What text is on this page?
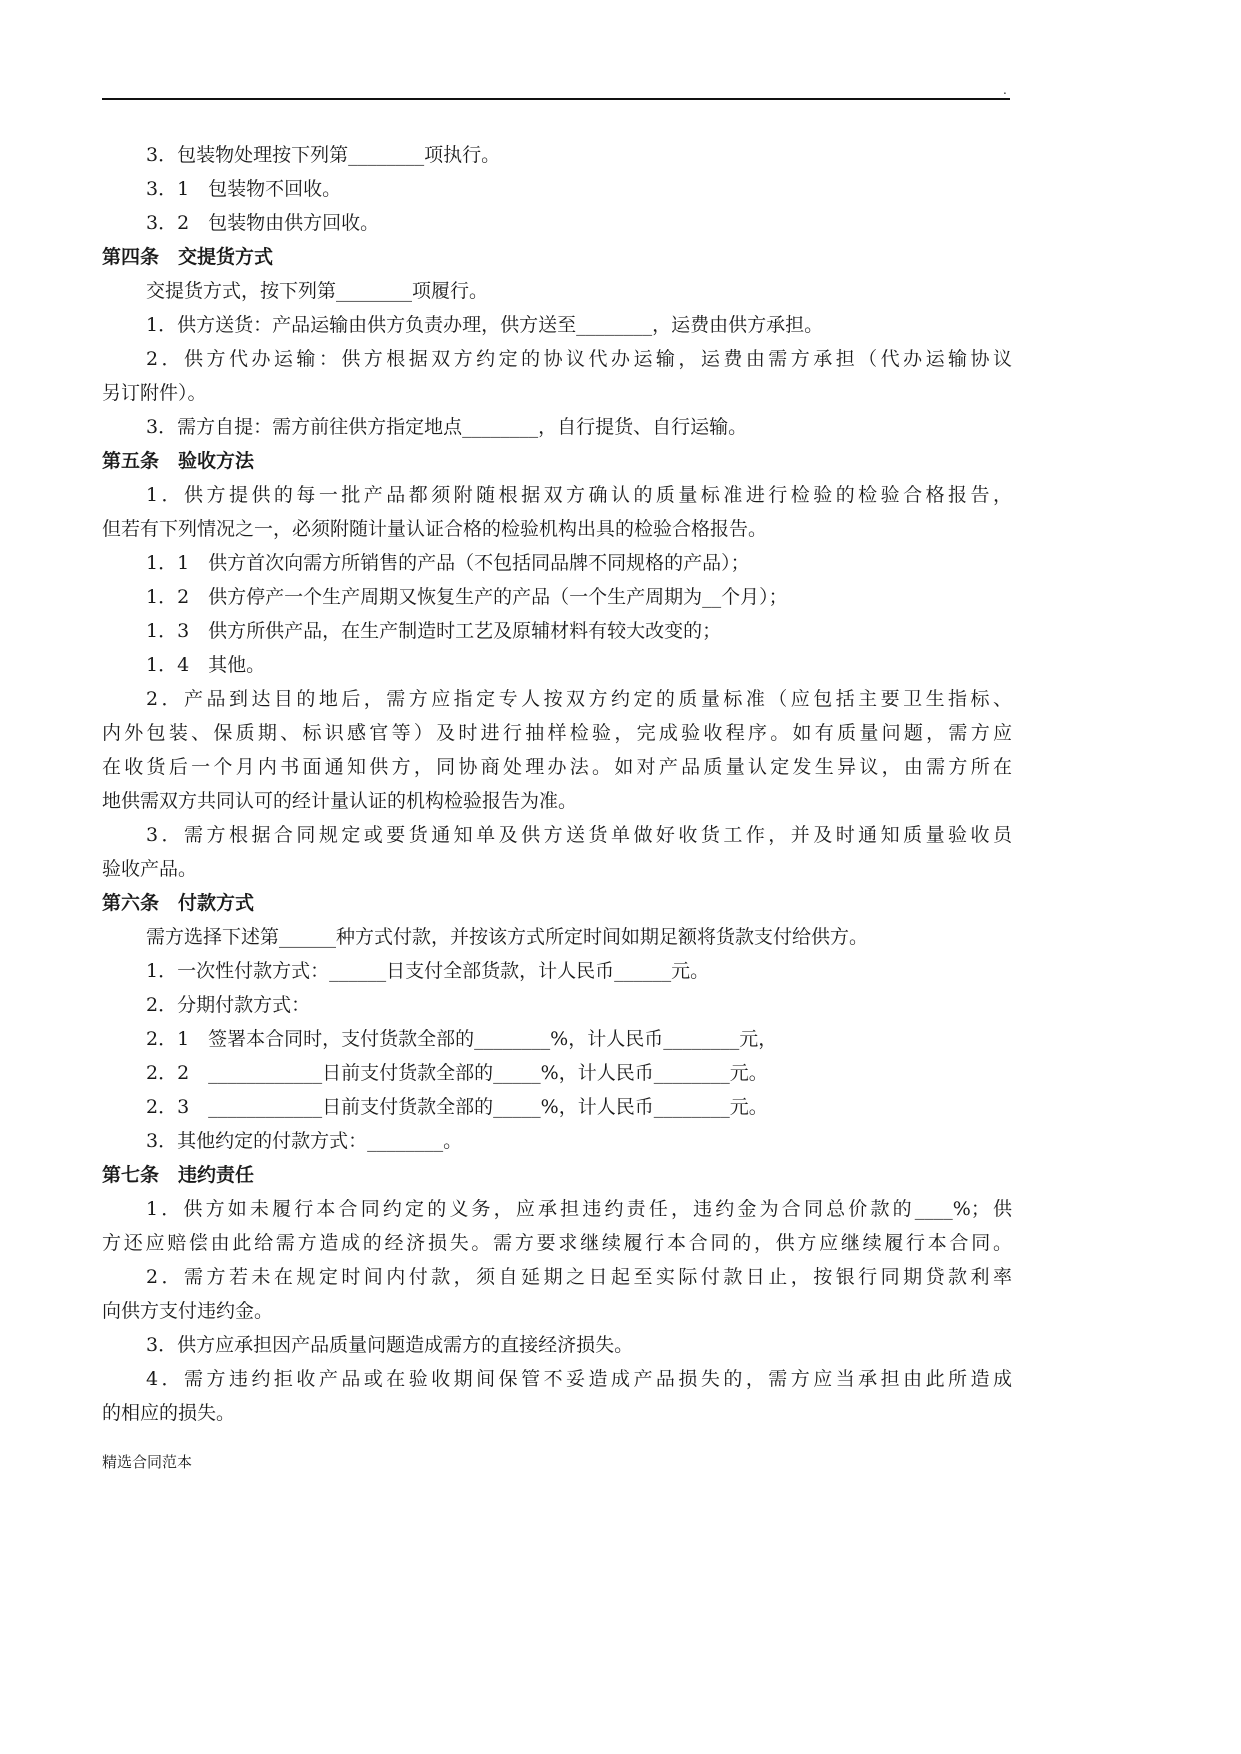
.
3．包装物处理按下列第________项执行。
3．1　包装物不回收。
3．2　包装物由供方回收。
第四条　交提货方式
交提货方式，按下列第________项履行。
1．供方送货：产品运输由供方负责办理，供方送至________，运费由供方承担。
2．供方代办运输：供方根据双方约定的协议代办运输，运费由需方承担（代办运输协议
另订附件）。
3．需方自提：需方前往供方指定地点________，自行提货、自行运输。
第五条　验收方法
1．供方提供的每一批产品都须附随根据双方确认的质量标准进行检验的检验合格报告，
但若有下列情况之一，必须附随计量认证合格的检验机构出具的检验合格报告。
1．1　供方首次向需方所销售的产品（不包括同品牌不同规格的产品）；
1．2　供方停产一个生产周期又恢复生产的产品（一个生产周期为__个月）；
1．3　供方所供产品，在生产制造时工艺及原辅材料有较大改变的；
1．4　其他。
2．产品到达目的地后，需方应指定专人按双方约定的质量标准（应包括主要卫生指标、
内外包装、保质期、标识感官等）及时进行抽样检验，完成验收程序。如有质量问题，需方应
在收货后一个月内书面通知供方，同协商处理办法。如对产品质量认定发生异议，由需方所在
地供需双方共同认可的经计量认证的机构检验报告为准。
3．需方根据合同规定或要货通知单及供方送货单做好收货工作，并及时通知质量验收员
验收产品。
第六条　付款方式
需方选择下述第______种方式付款，并按该方式所定时间如期足额将货款支付给供方。
1．一次性付款方式：______日支付全部货款，计人民币______元。
2．分期付款方式：
2．1　签署本合同时，支付货款全部的________%，计人民币________元，
2．2　____________日前支付货款全部的_____%，计人民币________元。
2．3　____________日前支付货款全部的_____%，计人民币________元。
3．其他约定的付款方式：________。
第七条　违约责任
1．供方如未履行本合同约定的义务，应承担违约责任，违约金为合同总价款的____%；供
方还应赔偿由此给需方造成的经济损失。需方要求继续履行本合同的，供方应继续履行本合同。
2．需方若未在规定时间内付款，须自延期之日起至实际付款日止，按银行同期贷款利率
向供方支付违约金。
3．供方应承担因产品质量问题造成需方的直接经济损失。
4．需方违约拒收产品或在验收期间保管不妥造成产品损失的，需方应当承担由此所造成
的相应的损失。
精选合同范本
